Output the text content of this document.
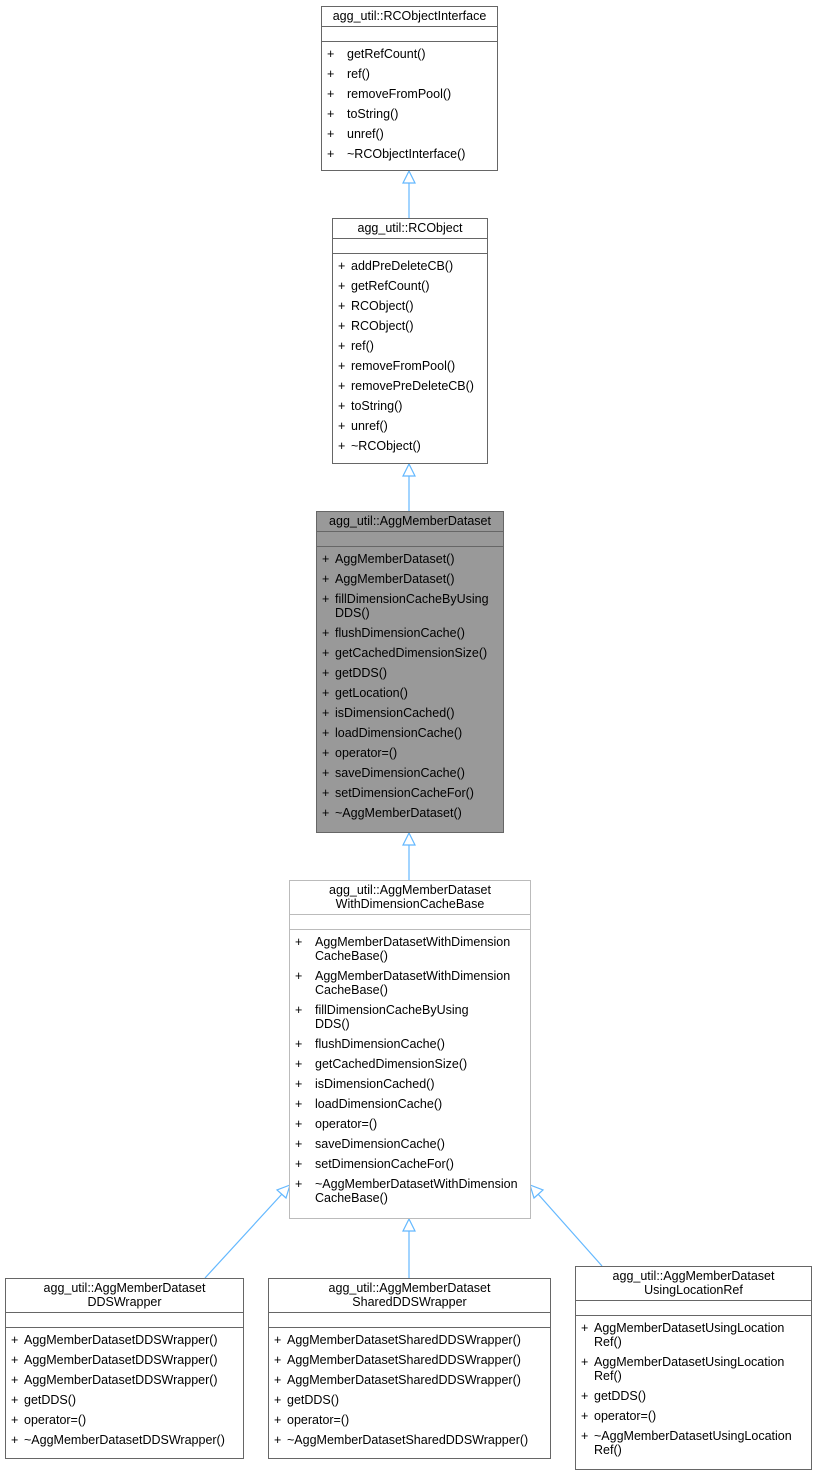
agg_util::RCObjectInterface
+	getRefCount()
+	ref()
+	removeFromPool()
+	toString()
+	unref()
+	~RCObjectInterface()
agg_util::RCObject
+ addPreDeleteCB()
+ getRefCount()
+ RCObject()
+ RCObject()
+ ref()
+ removeFromPool()
+ removePreDeleteCB()
+ toString()
+ unref()
+ ~RCObject()
agg_util::AggMemberDataset
+ AggMemberDataset()
+ AggMemberDataset()
+ fillDimensionCacheByUsing
DDS()
+ flushDimensionCache()
+ getCachedDimensionSize()
+ getDDS()
+ getLocation()
+ isDimensionCached()
+ loadDimensionCache()
+ operator=()
+ saveDimensionCache()
+ setDimensionCacheFor()
+ ~AggMemberDataset()
agg_util::AggMemberDataset
WithDimensionCacheBase
+	AggMemberDatasetWithDimension
CacheBase()
+	AggMemberDatasetWithDimension
CacheBase()
+	fillDimensionCacheByUsing
DDS()
+	flushDimensionCache()
+	getCachedDimensionSize()
+	isDimensionCached()
+	loadDimensionCache()
+	operator=()
+	saveDimensionCache()
+	setDimensionCacheFor()
+	~AggMemberDatasetWithDimension
CacheBase()
agg_util::AggMemberDataset
DDSWrapper
+ AggMemberDatasetDDSWrapper()
+ AggMemberDatasetDDSWrapper()
+ AggMemberDatasetDDSWrapper()
+ getDDS()
+ operator=()
+ ~AggMemberDatasetDDSWrapper()
agg_util::AggMemberDataset
SharedDDSWrapper
+ AggMemberDatasetSharedDDSWrapper()
+ AggMemberDatasetSharedDDSWrapper()
+ AggMemberDatasetSharedDDSWrapper()
+ getDDS()
+ operator=()
+ ~AggMemberDatasetSharedDDSWrapper()
agg_util::AggMemberDataset
UsingLocationRef
+ AggMemberDatasetUsingLocation
Ref()
+ AggMemberDatasetUsingLocation
Ref()
+ getDDS()
+ operator=()
+ ~AggMemberDatasetUsingLocation
Ref()
